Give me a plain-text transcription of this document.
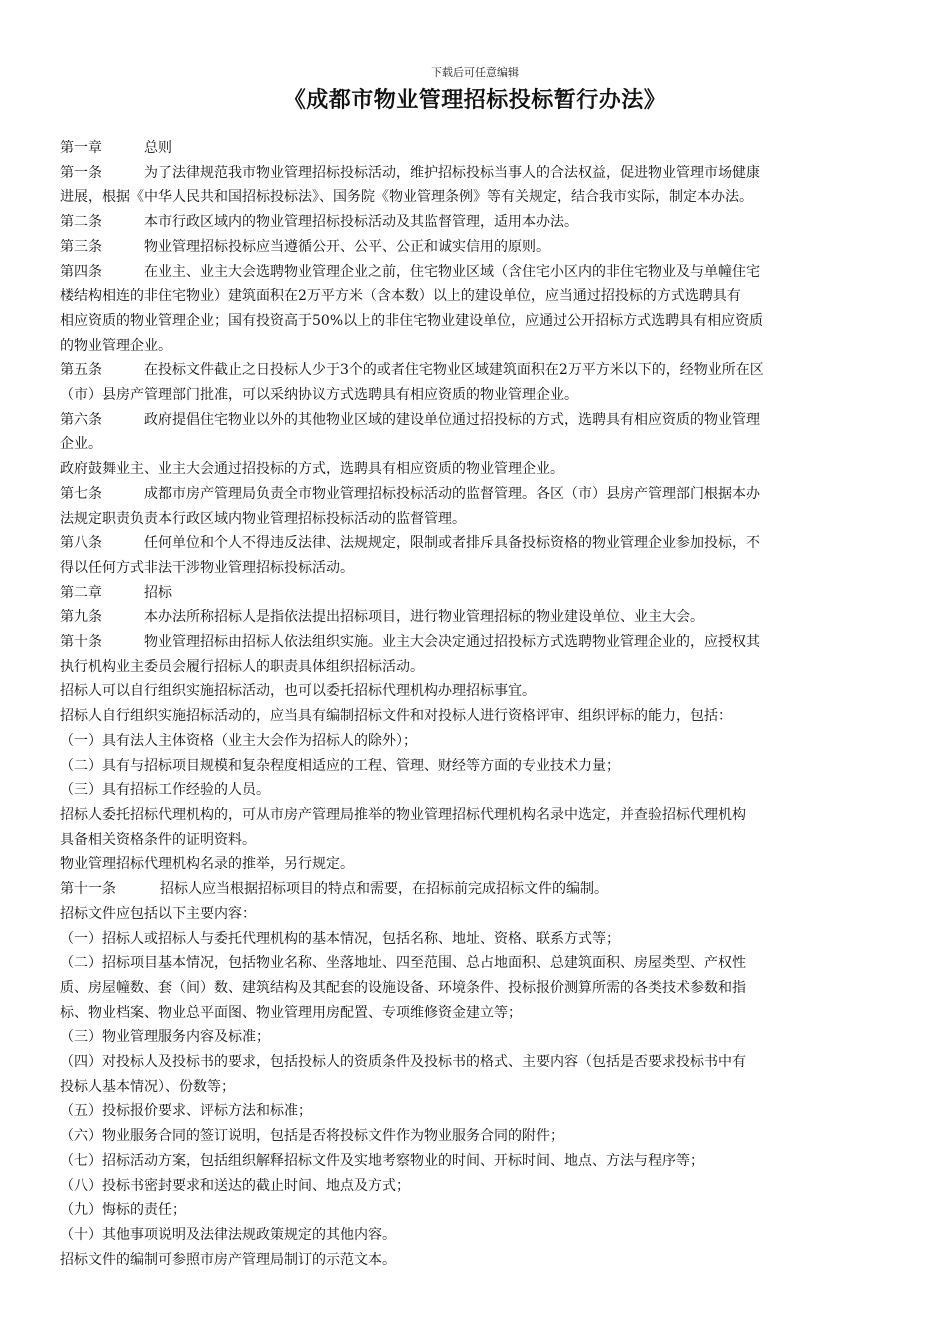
下载后可任意编辑
《成都市物业管理招标投标暂行办法》

第一章	总则

第一条	为了法律规范我市物业管理招标投标活动，维护招标投标当事人的合法权益，促进物业管理市场健康

进展，根据《中华人民共和国招标投标法》、国务院《物业管理条例》等有关规定，结合我市实际，制定本办法。

第二条	本市行政区域内的物业管理招标投标活动及其监督管理，适用本办法。

第三条	物业管理招标投标应当遵循公开、公平、公正和诚实信用的原则。

第四条	在业主、业主大会选聘物业管理企业之前，住宅物业区域（含住宅小区内的非住宅物业及与单幢住宅

楼结构相连的非住宅物业）建筑面积在2万平方米（含本数）以上的建设单位，应当通过招投标的方式选聘具有

相应资质的物业管理企业；国有投资高于50%以上的非住宅物业建设单位，应通过公开招标方式选聘具有相应资质

的物业管理企业。

第五条	在投标文件截止之日投标人少于3个的或者住宅物业区域建筑面积在2万平方米以下的，经物业所在区

（市）县房产管理部门批准，可以采纳协议方式选聘具有相应资质的物业管理企业。

第六条	政府提倡住宅物业以外的其他物业区域的建设单位通过招投标的方式，选聘具有相应资质的物业管理

企业。

政府鼓舞业主、业主大会通过招投标的方式，选聘具有相应资质的物业管理企业。

第七条	成都市房产管理局负责全市物业管理招标投标活动的监督管理。各区（市）县房产管理部门根据本办

法规定职责负责本行政区域内物业管理招标投标活动的监督管理。

第八条	任何单位和个人不得违反法律、法规规定，限制或者排斥具备投标资格的物业管理企业参加投标，不

得以任何方式非法干涉物业管理招标投标活动。

第二章	招标

第九条	本办法所称招标人是指依法提出招标项目，进行物业管理招标的物业建设单位、业主大会。

第十条	物业管理招标由招标人依法组织实施。业主大会决定通过招投标方式选聘物业管理企业的，应授权其

执行机构业主委员会履行招标人的职责具体组织招标活动。

招标人可以自行组织实施招标活动，也可以委托招标代理机构办理招标事宜。

招标人自行组织实施招标活动的，应当具有编制招标文件和对投标人进行资格评审、组织评标的能力，包括：

（一）具有法人主体资格（业主大会作为招标人的除外）；

（二）具有与招标项目规模和复杂程度相适应的工程、管理、财经等方面的专业技术力量；

（三）具有招标工作经验的人员。

招标人委托招标代理机构的，可从市房产管理局推举的物业管理招标代理机构名录中选定，并查验招标代理机构

具备相关资格条件的证明资料。

物业管理招标代理机构名录的推举，另行规定。

第十一条	招标人应当根据招标项目的特点和需要，在招标前完成招标文件的编制。

招标文件应包括以下主要内容：

（一）招标人或招标人与委托代理机构的基本情况，包括名称、地址、资格、联系方式等；

（二）招标项目基本情况，包括物业名称、坐落地址、四至范围、总占地面积、总建筑面积、房屋类型、产权性

质、房屋幢数、套（间）数、建筑结构及其配套的设施设备、环境条件、投标报价测算所需的各类技术参数和指

标、物业档案、物业总平面图、物业管理用房配置、专项维修资金建立等；

（三）物业管理服务内容及标准；

（四）对投标人及投标书的要求，包括投标人的资质条件及投标书的格式、主要内容（包括是否要求投标书中有

投标人基本情况）、份数等；

（五）投标报价要求、评标方法和标准；

（六）物业服务合同的签订说明，包括是否将投标文件作为物业服务合同的附件；

（七）招标活动方案，包括组织解释招标文件及实地考察物业的时间、开标时间、地点、方法与程序等；

（八）投标书密封要求和送达的截止时间、地点及方式；

（九）悔标的责任；

（十）其他事项说明及法律法规政策规定的其他内容。

招标文件的编制可参照市房产管理局制订的示范文本。
